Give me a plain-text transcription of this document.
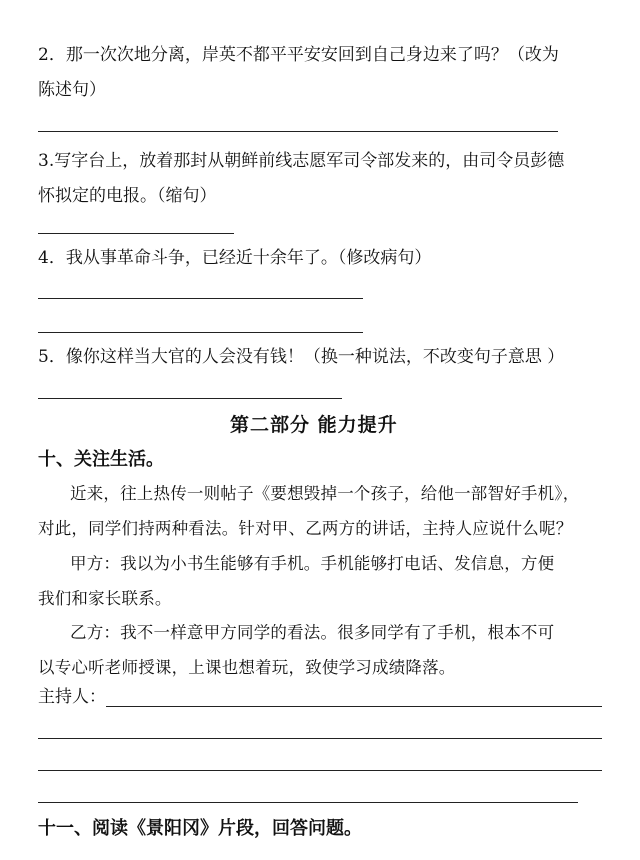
2．那一次次地分离，岸英不都平平安安回到自己身边来了吗？（改为
陈述句）
3.写字台上，放着那封从朝鲜前线志愿军司令部发来的，由司令员彭德
怀拟定的电报。（缩句）
4．我从事革命斗争，已经近十余年了。（修改病句）
5．像你这样当大官的人会没有钱！（换一种说法，不改变句子意思 ）
第二部分 能力提升
十、关注生活。
近来，往上热传一则帖子《要想毁掉一个孩子，给他一部智好手机》，
对此，同学们持两种看法。针对甲、乙两方的讲话，主持人应说什么呢？
甲方：我以为小书生能够有手机。手机能够打电话、发信息，方便
我们和家长联系。
乙方：我不一样意甲方同学的看法。很多同学有了手机，根本不可
以专心听老师授课，上课也想着玩，致使学习成绩降落。
主持人：
十一、阅读《景阳冈》片段，回答问题。
